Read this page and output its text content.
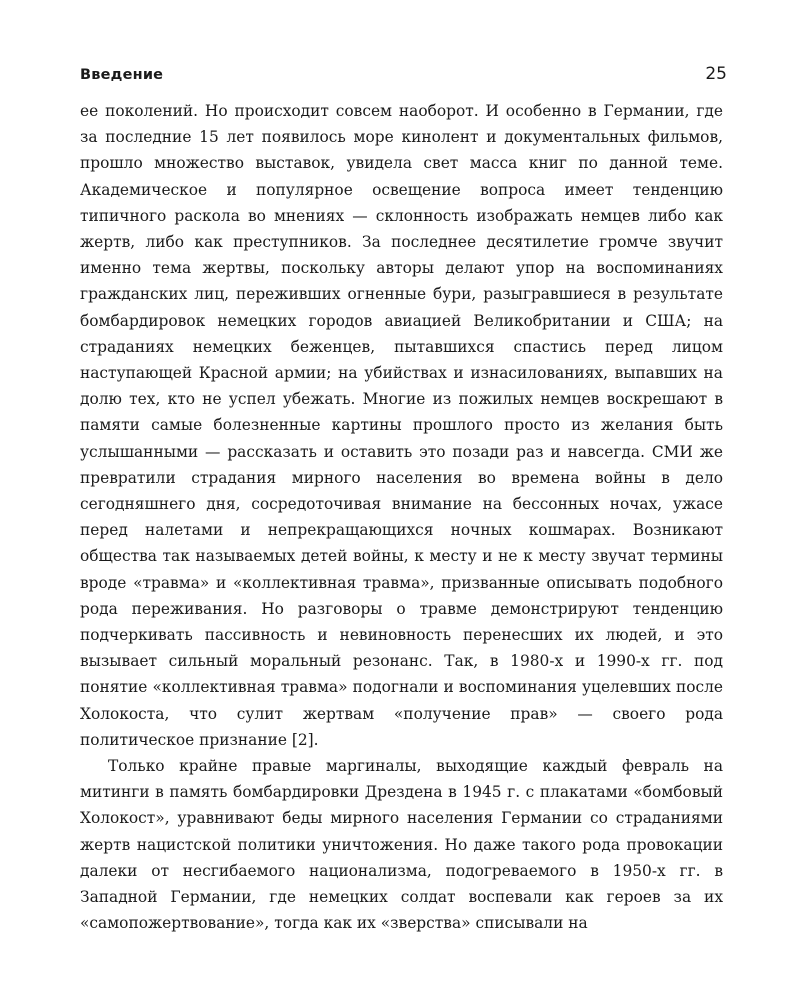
Введение	25

ее поколений. Но происходит совсем наоборот. И особенно в Германии, где за последние 15 лет появилось море кинолент и документальных фильмов, прошло множество выставок, увидела свет масса книг по данной теме. Академическое и популярное освещение вопроса имеет тенденцию типичного раскола во мнениях — склонность изображать немцев либо как жертв, либо как преступников. За последнее десятилетие громче звучит именно тема жертвы, поскольку авторы делают упор на воспоминаниях гражданских лиц, переживших огненные бури, разыгравшиеся в результате бомбардировок немецких городов авиацией Великобритании и США; на страданиях немецких беженцев, пытавшихся спастись перед лицом наступающей Красной армии; на убийствах и изнасилованиях, выпавших на долю тех, кто не успел убежать. Многие из пожилых немцев воскрешают в памяти самые болезненные картины прошлого просто из желания быть услышанными — рассказать и оставить это позади раз и навсегда. СМИ же превратили страдания мирного населения во времена войны в дело сегодняшнего дня, сосредоточивая внимание на бессонных ночах, ужасе перед налетами и непрекращающихся ночных кошмарах. Возникают общества так называемых детей войны, к месту и не к месту звучат термины вроде «травма» и «коллективная травма», призванные описывать подобного рода переживания. Но разговоры о травме демонстрируют тенденцию подчеркивать пассивность и невиновность перенесших их людей, и это вызывает сильный моральный резонанс. Так, в 1980-х и 1990-х гг. под понятие «коллективная травма» подогнали и воспоминания уцелевших после Холокоста, что сулит жертвам «получение прав» — своего рода политическое признание [2].

Только крайне правые маргиналы, выходящие каждый февраль на митинги в память бомбардировки Дрездена в 1945 г. с плакатами «бомбовый Холокост», уравнивают беды мирного населения Германии со страданиями жертв нацистской политики уничтожения. Но даже такого рода провокации далеки от несгибаемого национализма, подогреваемого в 1950-х гг. в Западной Германии, где немецких солдат воспевали как героев за их «самопожертвование», тогда как их «зверства» списывали на
